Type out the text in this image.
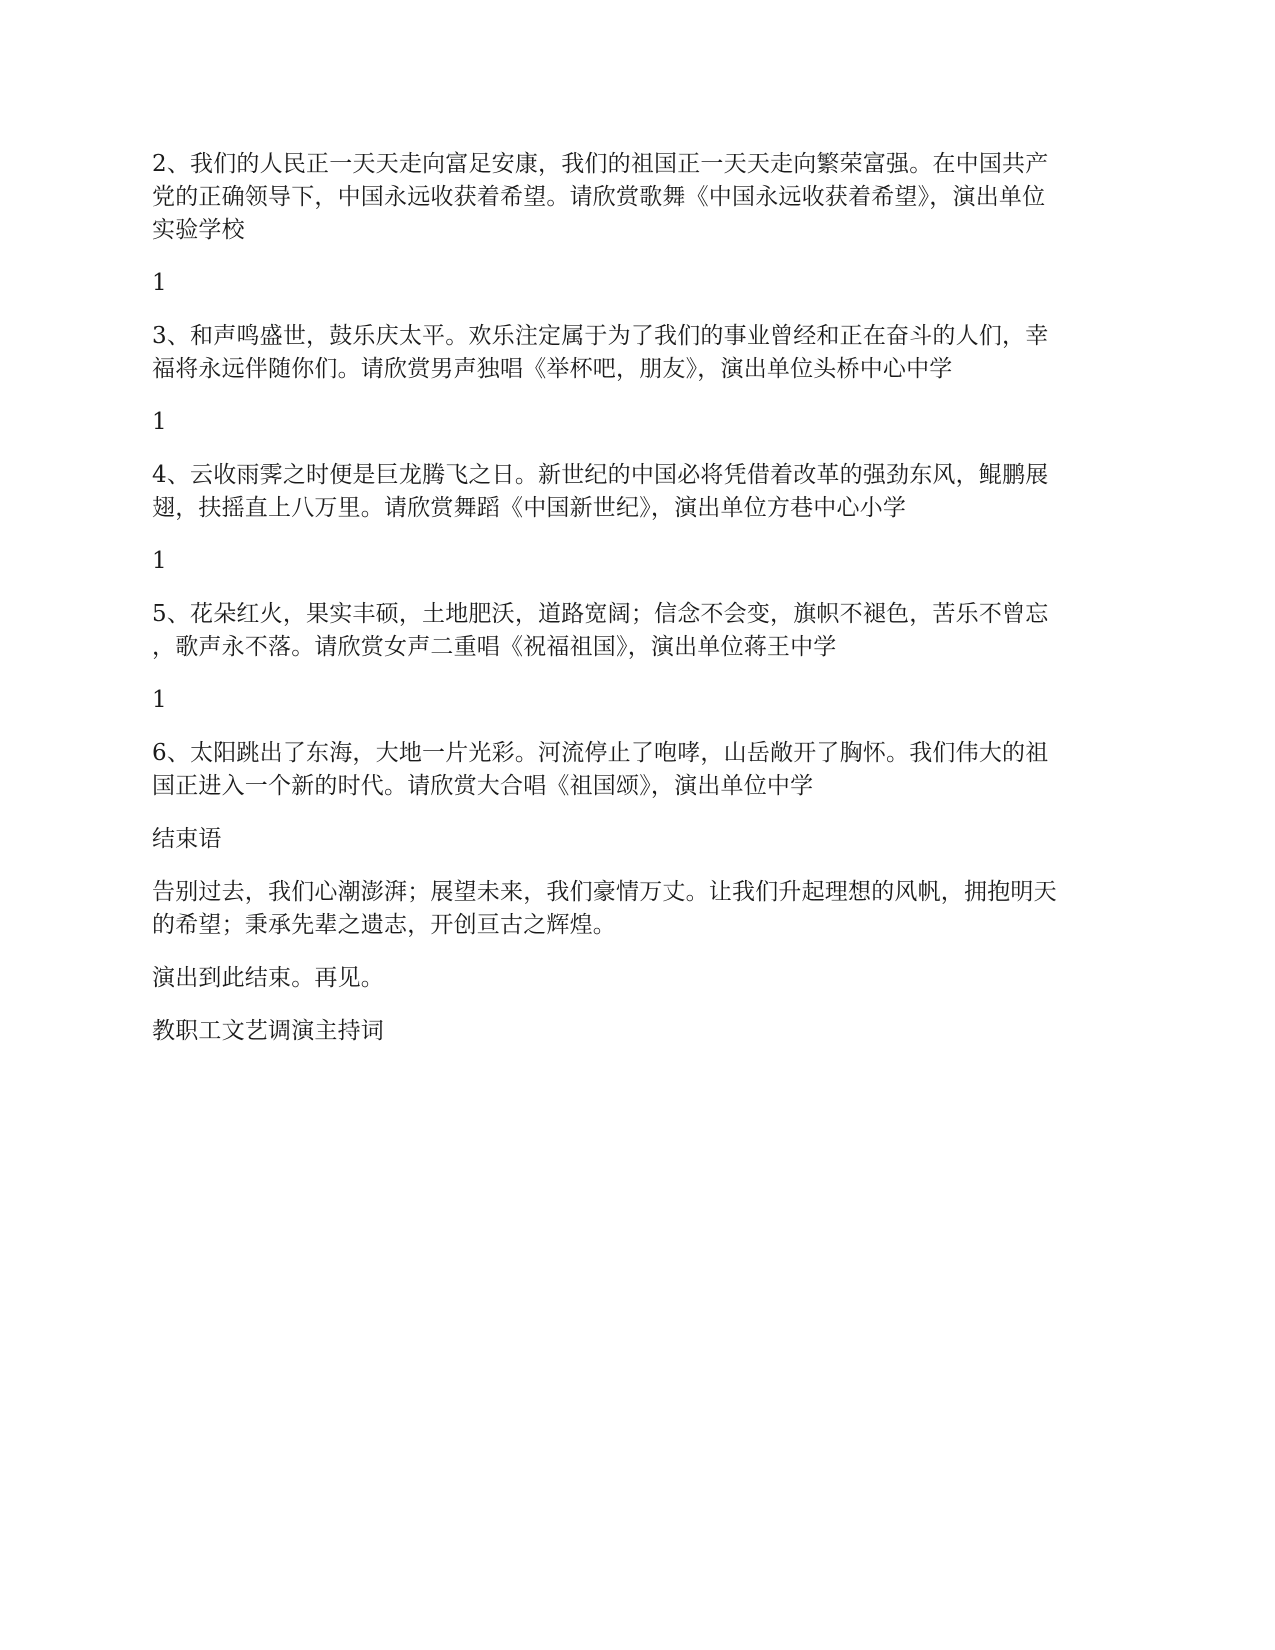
2、我们的人民正一天天走向富足安康，我们的祖国正一天天走向繁荣富强。在中国共产
党的正确领导下，中国永远收获着希望。请欣赏歌舞《中国永远收获着希望》，演出单位
实验学校

1

3、和声鸣盛世，鼓乐庆太平。欢乐注定属于为了我们的事业曾经和正在奋斗的人们，幸
福将永远伴随你们。请欣赏男声独唱《举杯吧，朋友》，演出单位头桥中心中学

1

4、云收雨霁之时便是巨龙腾飞之日。新世纪的中国必将凭借着改革的强劲东风，鲲鹏展
翅，扶摇直上八万里。请欣赏舞蹈《中国新世纪》，演出单位方巷中心小学

1

5、花朵红火，果实丰硕，土地肥沃，道路宽阔；信念不会变，旗帜不褪色，苦乐不曾忘
，歌声永不落。请欣赏女声二重唱《祝福祖国》，演出单位蒋王中学

1

6、太阳跳出了东海，大地一片光彩。河流停止了咆哮，山岳敞开了胸怀。我们伟大的祖
国正进入一个新的时代。请欣赏大合唱《祖国颂》，演出单位中学

结束语

告别过去，我们心潮澎湃；展望未来，我们豪情万丈。让我们升起理想的风帆，拥抱明天
的希望；秉承先辈之遗志，开创亘古之辉煌。

演出到此结束。再见。

教职工文艺调演主持词
